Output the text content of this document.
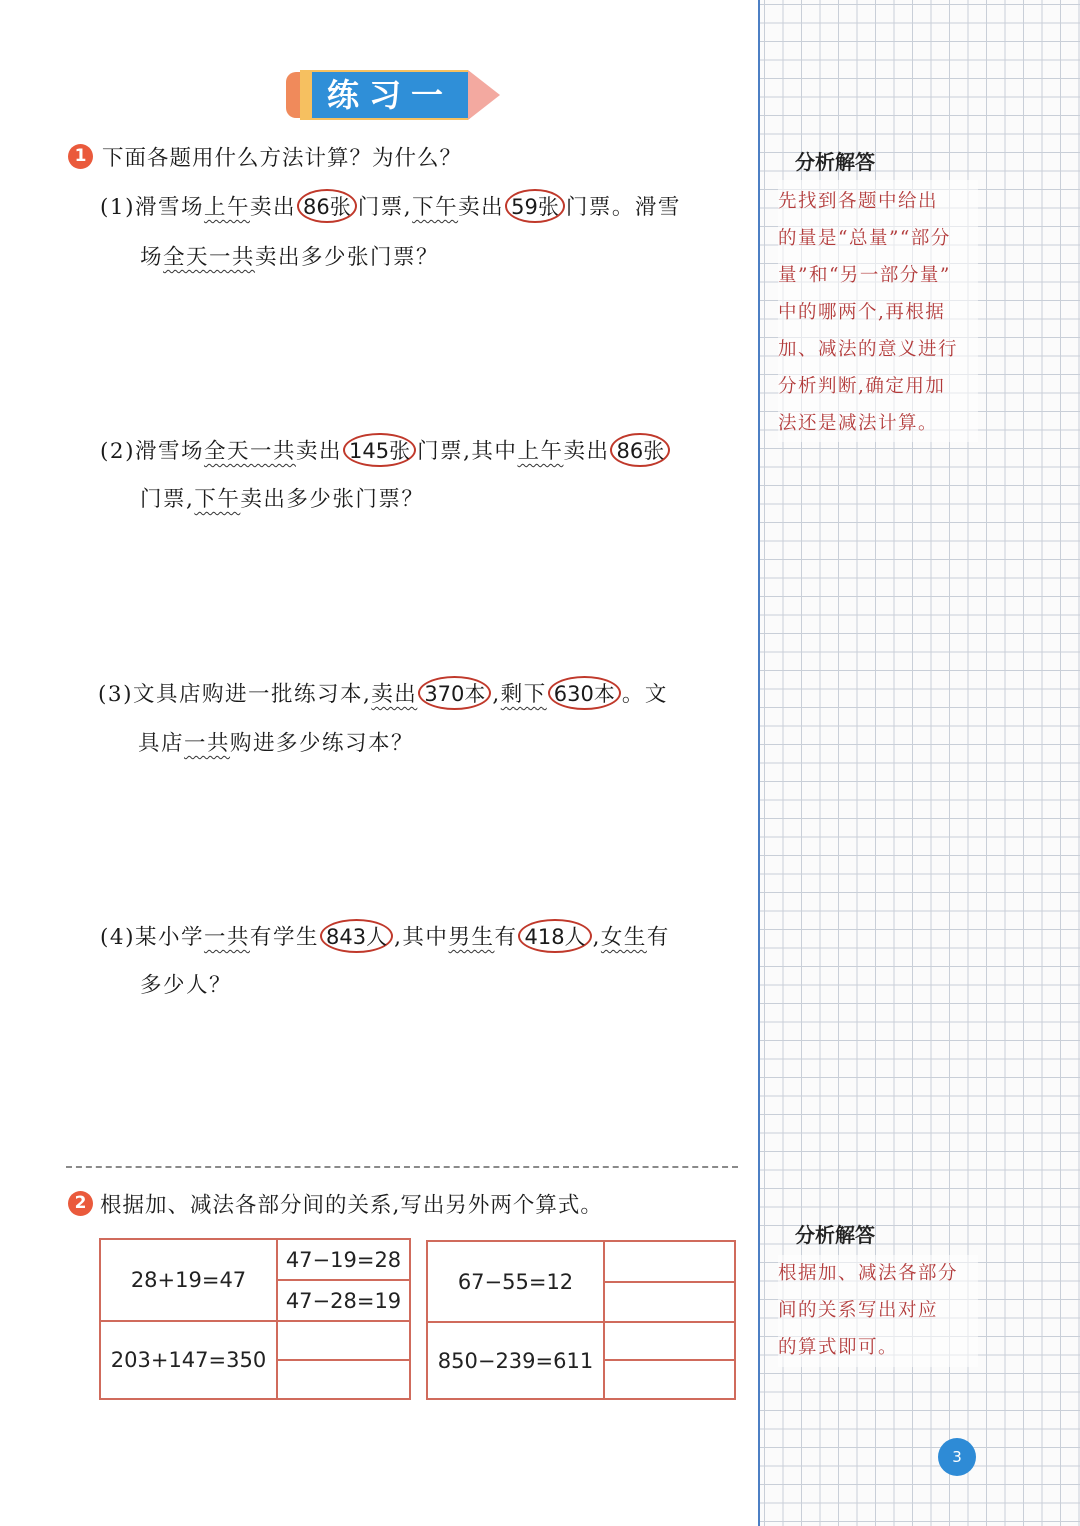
练习一
1 下面各题用什么方法计算？为什么？
(1)滑雪场上午卖出 86张 门票,下午卖出 59张 门票。滑雪
场全天一共卖出多少张门票？
(2)滑雪场全天一共卖出 145张 门票,其中上午卖出 86张
门票,下午卖出多少张门票？
(3)文具店购进一批练习本,卖出 370本 ,剩下 630本 。文
具店一共购进多少练习本？
(4)某小学一共有学生 843人 ,其中男生有 418人 ,女生有
多少人？
2 根据加、减法各部分间的关系,写出另外两个算式。
28+19=47	47−19=28
	47−28=19
203+147=350	

67−55=12	

850−239=611	

分析解答
先找到各题中给出
的量是“总量”“部分
量”和“另一部分量”
中的哪两个,再根据
加、减法的意义进行
分析判断,确定用加
法还是减法计算。
分析解答
根据加、减法各部分
间的关系写出对应
的算式即可。
3
